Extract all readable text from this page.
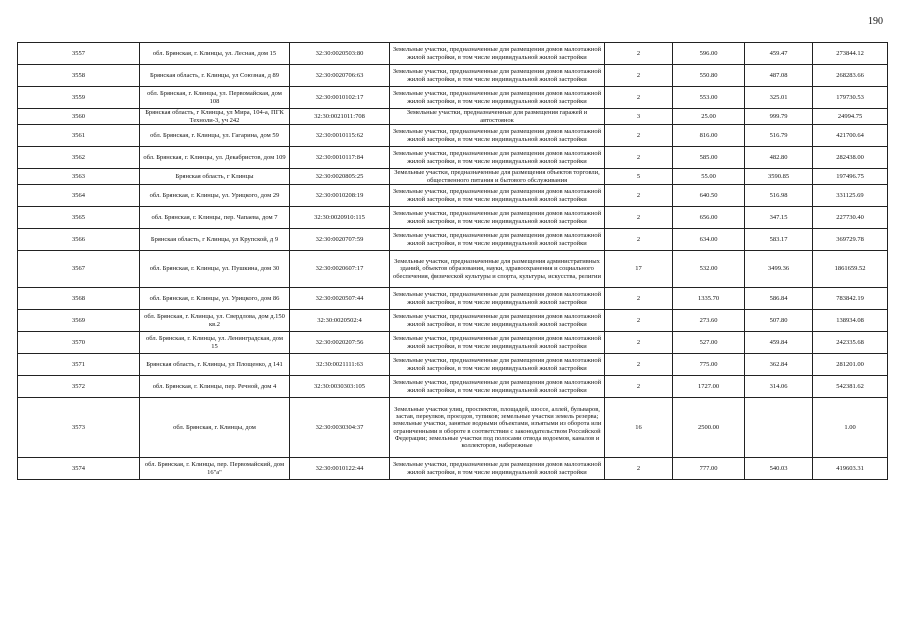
190
3557	обл. Брянская, г. Клинцы, ул. Лесная, дом 15	32:30:0020503:80	Земельные участки, предназначенные для размещения домов малоэтажной жилой застройки, в том числе индивидуальной жилой застройки	2	596.00	459.47	273844.12
3558	Брянская область, г. Клинцы, ул Союзная, д 89	32:30:0020706:63	Земельные участки, предназначенные для размещения домов малоэтажной жилой застройки, в том числе индивидуальной жилой застройки	2	550.80	487.08	268283.66
3559	обл. Брянская, г. Клинцы, ул. Первомайская, дом 108	32:30:0010102:17	Земельные участки, предназначенные для размещения домов малоэтажной жилой застройки, в том числе индивидуальной жилой застройки	2	553.00	325.01	179730.53
3560	Брянская область, г Клинцы, ул Мира, 104-а, ПГК Техноли-3, уч 242	32:30:0021011:708	Земельные участки, предназначенные для размещения гаражей и автостоянок	3	25.00	999.79	24994.75
3561	обл. Брянская, г. Клинцы, ул. Гагарина, дом 59	32:30:0010115:62	Земельные участки, предназначенные для размещения домов малоэтажной жилой застройки, в том числе индивидуальной жилой застройки	2	816.00	516.79	421700.64
3562	обл. Брянская, г. Клинцы, ул. Декабристов, дом 109	32:30:0010117:84	Земельные участки, предназначенные для размещения домов малоэтажной жилой застройки, в том числе индивидуальной жилой застройки	2	585.00	482.80	282438.00
3563	Брянская область, г Клинцы	32:30:0020805:25	Земельные участки, предназначенные для размещения объектов торговли, общественного питания и бытового обслуживания	5	55.00	3590.85	197496.75
3564	обл. Брянская, г. Клинцы, ул. Урицкого, дом 29	32:30:0010208:19	Земельные участки, предназначенные для размещения домов малоэтажной жилой застройки, в том числе индивидуальной жилой застройки	2	640.50	516.98	331125.69
3565	обл. Брянская, г. Клинцы, пер. Чапаева, дом 7	32:30:0020910:115	Земельные участки, предназначенные для размещения домов малоэтажной жилой застройки, в том числе индивидуальной жилой застройки	2	656.00	347.15	227730.40
3566	Брянская область, г Клинцы, ул Крупской, д 9	32:30:0020707:59	Земельные участки, предназначенные для размещения домов малоэтажной жилой застройки, в том числе индивидуальной жилой застройки	2	634.00	583.17	369729.78
3567	обл. Брянская, г. Клинцы, ул. Пушкина, дом 30	32:30:0020607:17	Земельные участки, предназначенные для размещения административных зданий, объектов образования, науки, здравоохранения и социального обеспечения, физической культуры и спорта, культуры, искусства, религии	17	532.00	3499.36	1861659.52
3568	обл. Брянская, г. Клинцы, ул. Урицкого, дом 86	32:30:0020507:44	Земельные участки, предназначенные для размещения домов малоэтажной жилой застройки, в том числе индивидуальной жилой застройки	2	1335.70	586.84	783842.19
3569	обл. Брянская, г. Клинцы, ул. Свердлова, дом д.150 кв.2	32:30:0020502:4	Земельные участки, предназначенные для размещения домов малоэтажной жилой застройки, в том числе индивидуальной жилой застройки	2	273.60	507.80	138934.08
3570	обл. Брянская, г. Клинцы, ул. Ленинградская, дом 15	32:30:0020207:56	Земельные участки, предназначенные для размещения домов малоэтажной жилой застройки, в том числе индивидуальной жилой застройки	2	527.00	459.84	242335.68
3571	Брянская область, г. Клинцы, ул Площенко, д 141	32:30:0021111:63	Земельные участки, предназначенные для размещения домов малоэтажной жилой застройки, в том числе индивидуальной жилой застройки	2	775.00	362.84	281201.00
3572	обл. Брянская, г. Клинцы, пер. Речной, дом 4	32:30:0030303:105	Земельные участки, предназначенные для размещения домов малоэтажной жилой застройки, в том числе индивидуальной жилой застройки	2	1727.00	314.06	542381.62
3573	обл. Брянская, г. Клинцы, дом	32:30:0030304:37	Земельные участки улиц, проспектов, площадей, шоссе, аллей, бульваров, застав, переулков, проездов, тупиков; земельные участки земель резерва; земельные участки, занятые водными объектами, изъятыми из оборота или ограниченными в обороте в соответствии с законодательством Российской Федерации; земельные участки под полосами отвода водоемов, каналов и коллекторов, набережные	16	2500.00		1.00
3574	обл. Брянская, г. Клинцы, пер. Первомайский, дом 16"а"	32:30:0010122:44	Земельные участки, предназначенные для размещения домов малоэтажной жилой застройки, в том числе индивидуальной жилой застройки	2	777.00	540.03	419603.31
